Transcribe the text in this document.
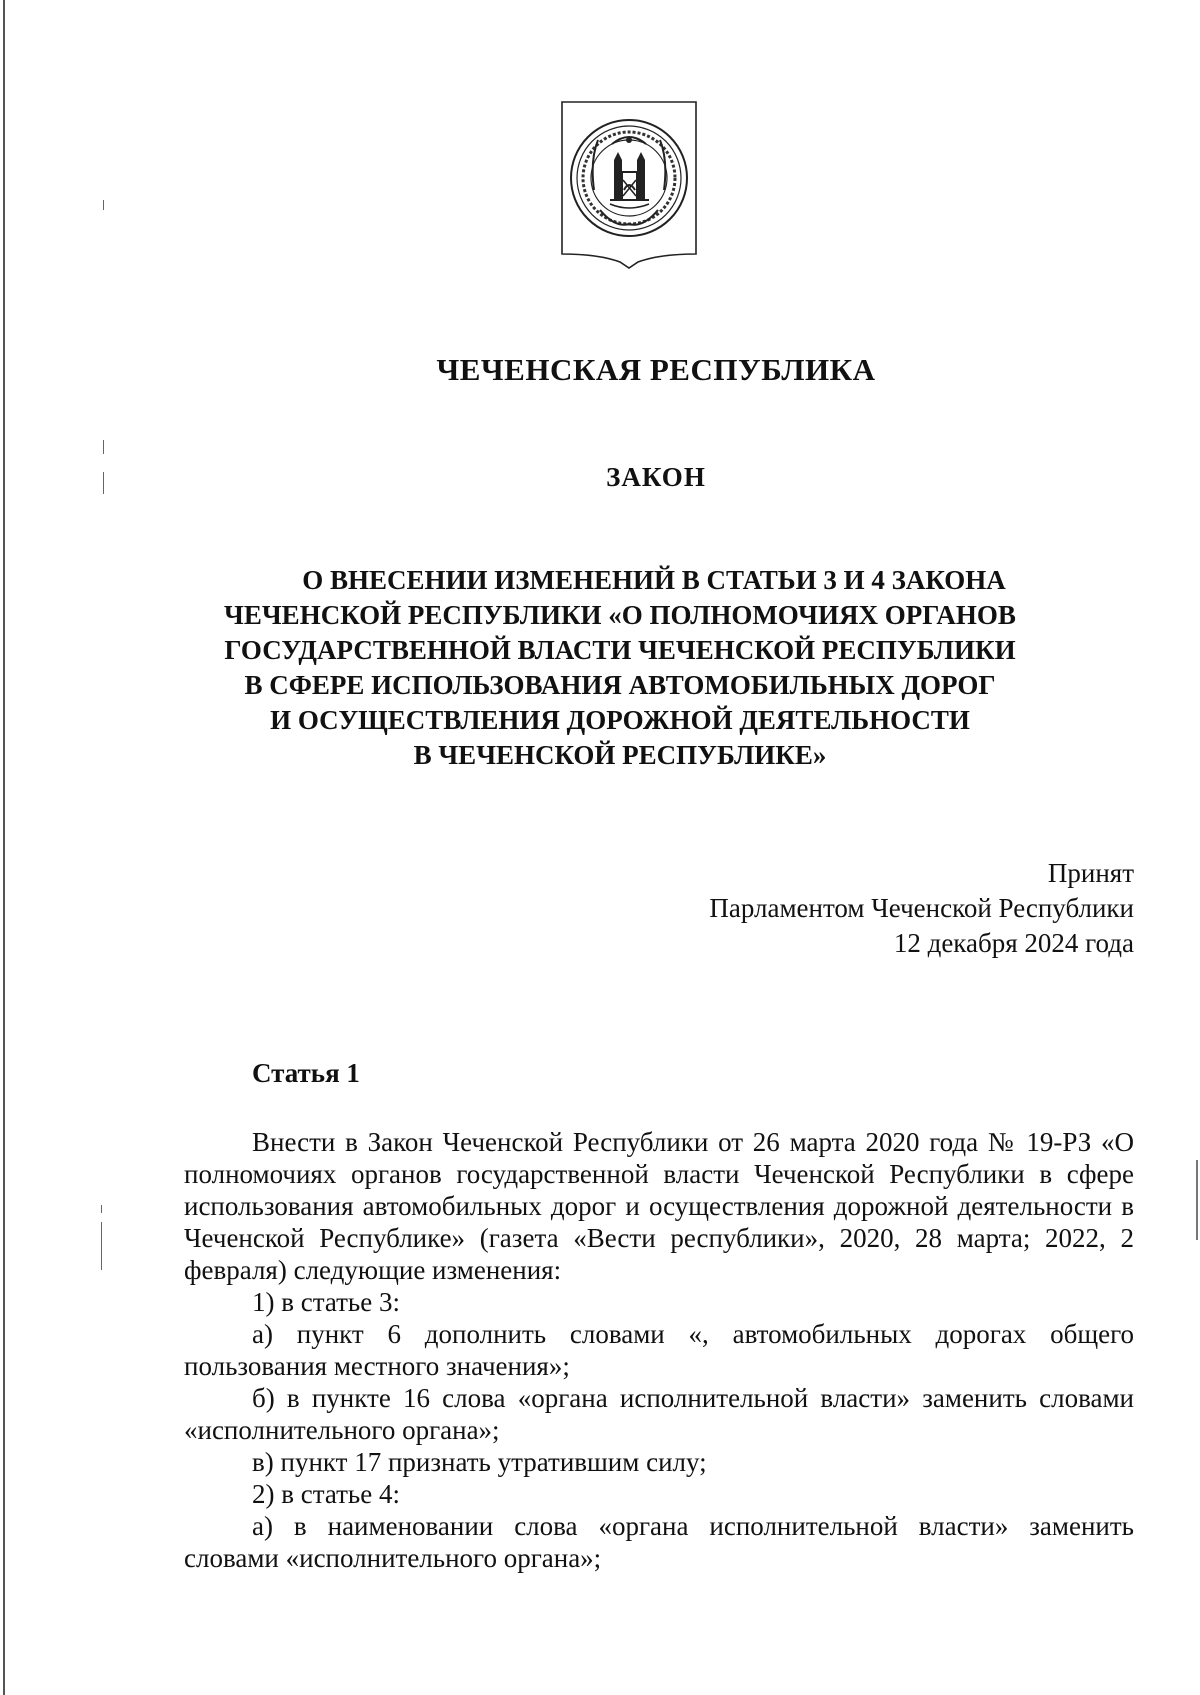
ЧЕЧЕНСКАЯ РЕСПУБЛИКА
ЗАКОН
О ВНЕСЕНИИ ИЗМЕНЕНИЙ В СТАТЬИ 3 И 4 ЗАКОНА
ЧЕЧЕНСКОЙ РЕСПУБЛИКИ «О ПОЛНОМОЧИЯХ ОРГАНОВ
ГОСУДАРСТВЕННОЙ ВЛАСТИ ЧЕЧЕНСКОЙ РЕСПУБЛИКИ
В СФЕРЕ ИСПОЛЬЗОВАНИЯ АВТОМОБИЛЬНЫХ ДОРОГ
И ОСУЩЕСТВЛЕНИЯ ДОРОЖНОЙ ДЕЯТЕЛЬНОСТИ
В ЧЕЧЕНСКОЙ РЕСПУБЛИКЕ»
Принят
Парламентом Чеченской Республики
12 декабря 2024 года
Статья 1

Внести в Закон Чеченской Республики от 26 марта 2020 года № 19-РЗ «О полномочиях органов государственной власти Чеченской Республики в сфере использования автомобильных дорог и осуществления дорожной деятельности в Чеченской Республике» (газета «Вести республики», 2020, 28 марта; 2022, 2 февраля) следующие изменения:

1) в статье 3:

а) пункт 6 дополнить словами «, автомобильных дорогах общего пользования местного значения»;

б) в пункте 16 слова «органа исполнительной власти» заменить словами «исполнительного органа»;

в) пункт 17 признать утратившим силу;

2) в статье 4:

а) в наименовании слова «органа исполнительной власти» заменить словами «исполнительного органа»;
